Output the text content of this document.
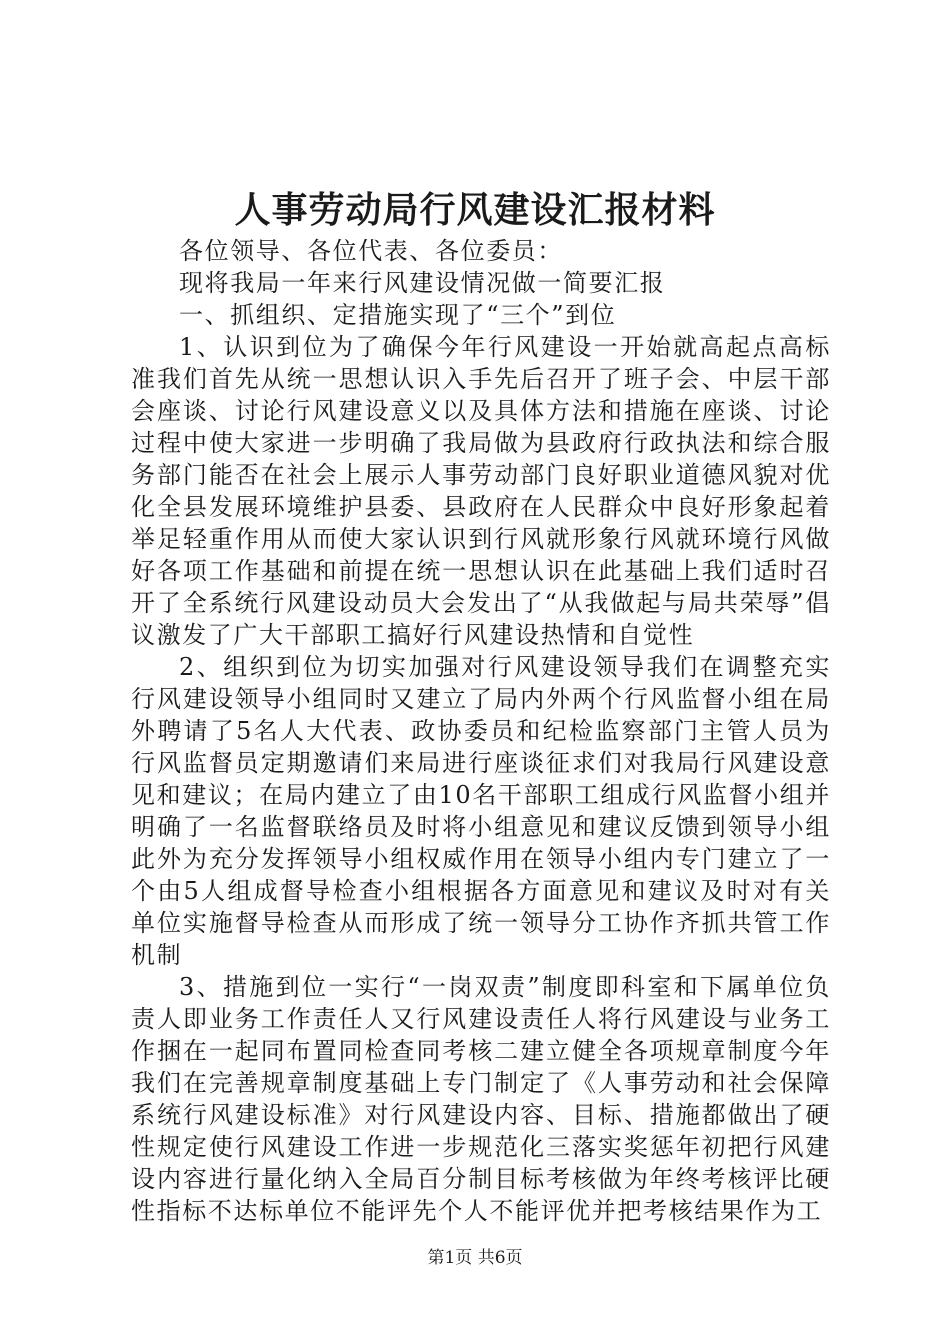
人事劳动局行风建设汇报材料

各位领导、各位代表、各位委员：

现将我局一年来行风建设情况做一简要汇报

一、抓组织、定措施实现了“三个”到位

1、认识到位为了确保今年行风建设一开始就高起点高标准我们首先从统一思想认识入手先后召开了班子会、中层干部会座谈、讨论行风建设意义以及具体方法和措施在座谈、讨论过程中使大家进一步明确了我局做为县政府行政执法和综合服务部门能否在社会上展示人事劳动部门良好职业道德风貌对优化全县发展环境维护县委、县政府在人民群众中良好形象起着举足轻重作用从而使大家认识到行风就形象行风就环境行风做好各项工作基础和前提在统一思想认识在此基础上我们适时召开了全系统行风建设动员大会发出了“从我做起与局共荣辱”倡议激发了广大干部职工搞好行风建设热情和自觉性

2、组织到位为切实加强对行风建设领导我们在调整充实行风建设领导小组同时又建立了局内外两个行风监督小组在局外聘请了5名人大代表、政协委员和纪检监察部门主管人员为行风监督员定期邀请们来局进行座谈征求们对我局行风建设意见和建议；在局内建立了由10名干部职工组成行风监督小组并明确了一名监督联络员及时将小组意见和建议反馈到领导小组此外为充分发挥领导小组权威作用在领导小组内专门建立了一个由5人组成督导检查小组根据各方面意见和建议及时对有关单位实施督导检查从而形成了统一领导分工协作齐抓共管工作机制

3、措施到位一实行“一岗双责”制度即科室和下属单位负责人即业务工作责任人又行风建设责任人将行风建设与业务工作捆在一起同布置同检查同考核二建立健全各项规章制度今年我们在完善规章制度基础上专门制定了《人事劳动和社会保障系统行风建设标准》对行风建设内容、目标、措施都做出了硬性规定使行风建设工作进一步规范化三落实奖惩年初把行风建设内容进行量化纳入全局百分制目标考核做为年终考核评比硬性指标不达标单位不能评先个人不能评优并把考核结果作为工

第1页 共6页
